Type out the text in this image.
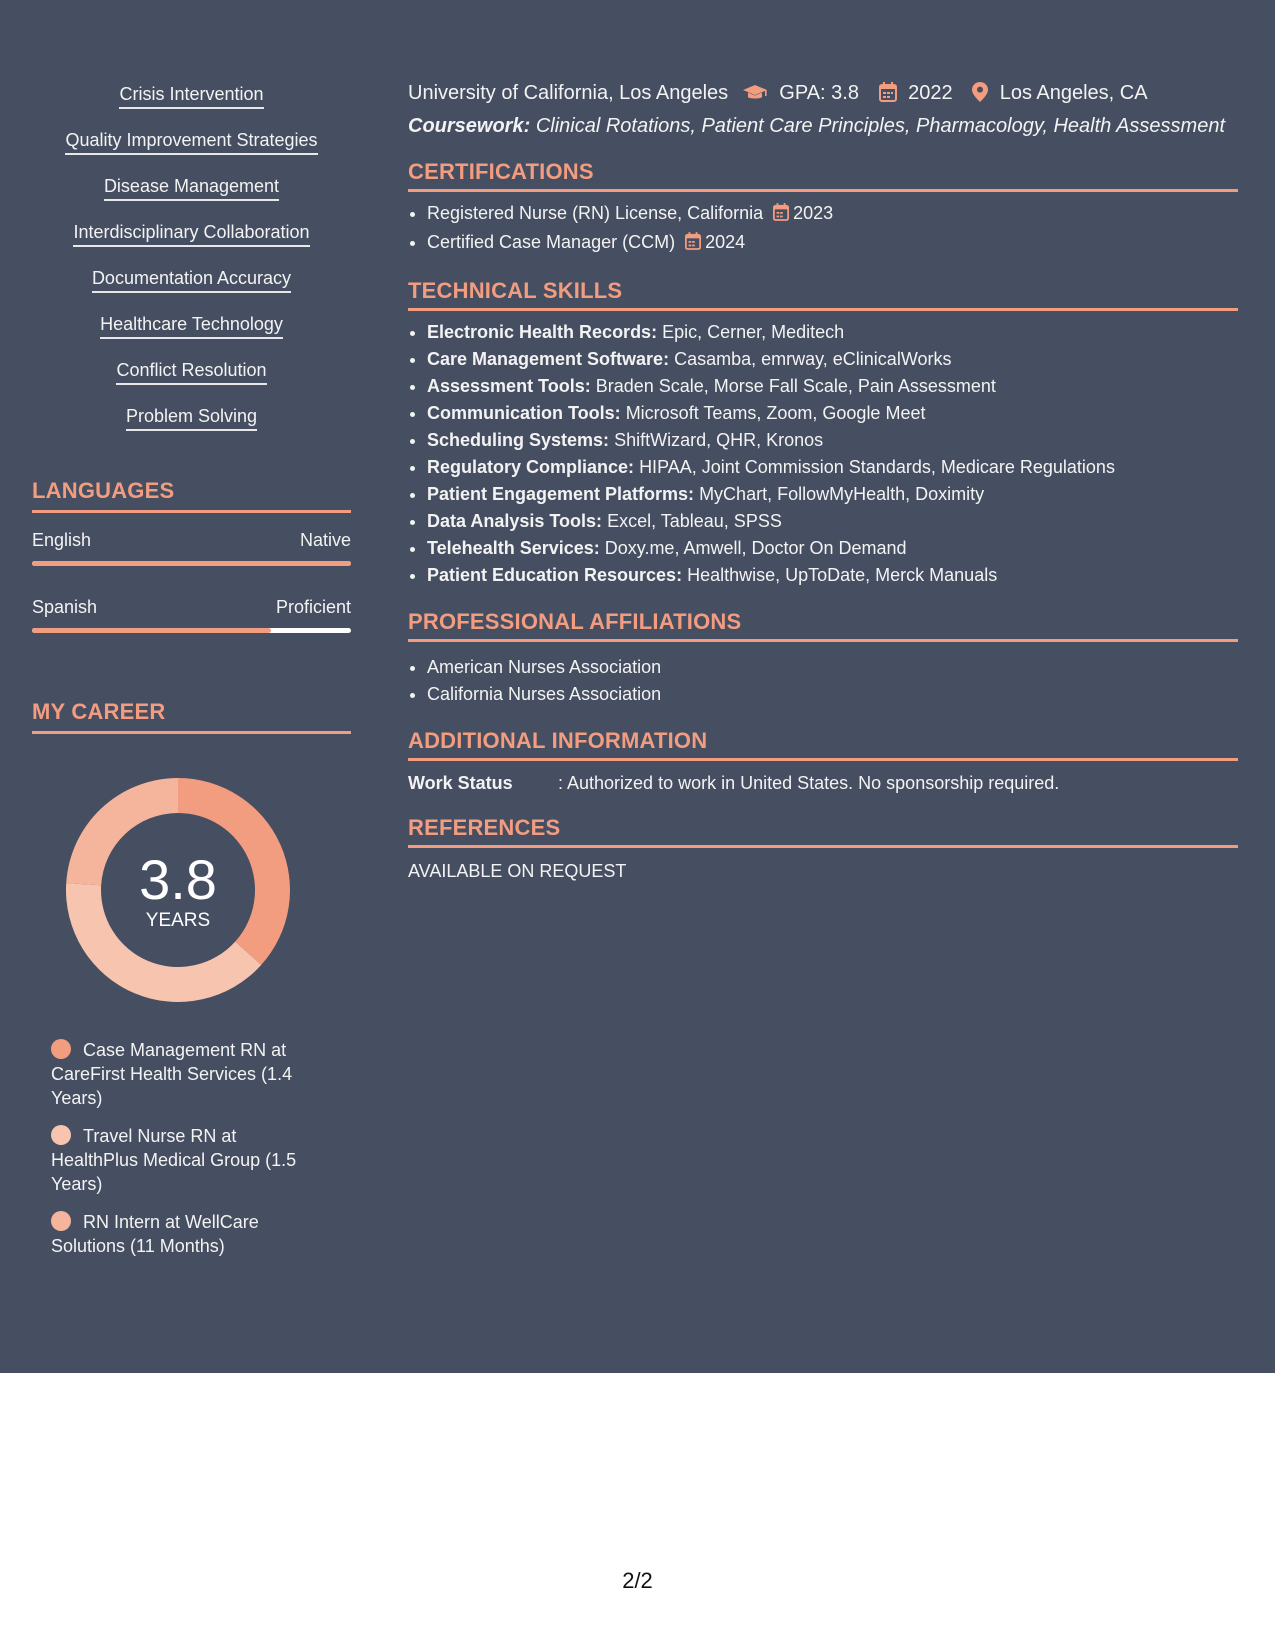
Crisis Intervention
Quality Improvement Strategies
Disease Management
Interdisciplinary Collaboration
Documentation Accuracy
Healthcare Technology
Conflict Resolution
Problem Solving
LANGUAGES
English	Native
Spanish	Proficient
MY CAREER
3.8
YEARS
Case Management RN at CareFirst Health Services (1.4 Years)
Travel Nurse RN at HealthPlus Medical Group (1.5 Years)
RN Intern at WellCare Solutions (11 Months)
University of California, Los Angeles	GPA: 3.8 2022 Los Angeles, CA
Coursework: Clinical Rotations, Patient Care Principles, Pharmacology, Health Assessment
CERTIFICATIONS
• Registered Nurse (RN) License, California 2023
• Certified Case Manager (CCM) 2024
TECHNICAL SKILLS
• Electronic Health Records: Epic, Cerner, Meditech
• Care Management Software: Casamba, emrway, eClinicalWorks
• Assessment Tools: Braden Scale, Morse Fall Scale, Pain Assessment
• Communication Tools: Microsoft Teams, Zoom, Google Meet
• Scheduling Systems: ShiftWizard, QHR, Kronos
• Regulatory Compliance: HIPAA, Joint Commission Standards, Medicare Regulations
• Patient Engagement Platforms: MyChart, FollowMyHealth, Doximity
• Data Analysis Tools: Excel, Tableau, SPSS
• Telehealth Services: Doxy.me, Amwell, Doctor On Demand
• Patient Education Resources: Healthwise, UpToDate, Merck Manuals
PROFESSIONAL AFFILIATIONS
• American Nurses Association
• California Nurses Association
ADDITIONAL INFORMATION
Work Status	: Authorized to work in United States. No sponsorship required.
REFERENCES
AVAILABLE ON REQUEST
2/2
